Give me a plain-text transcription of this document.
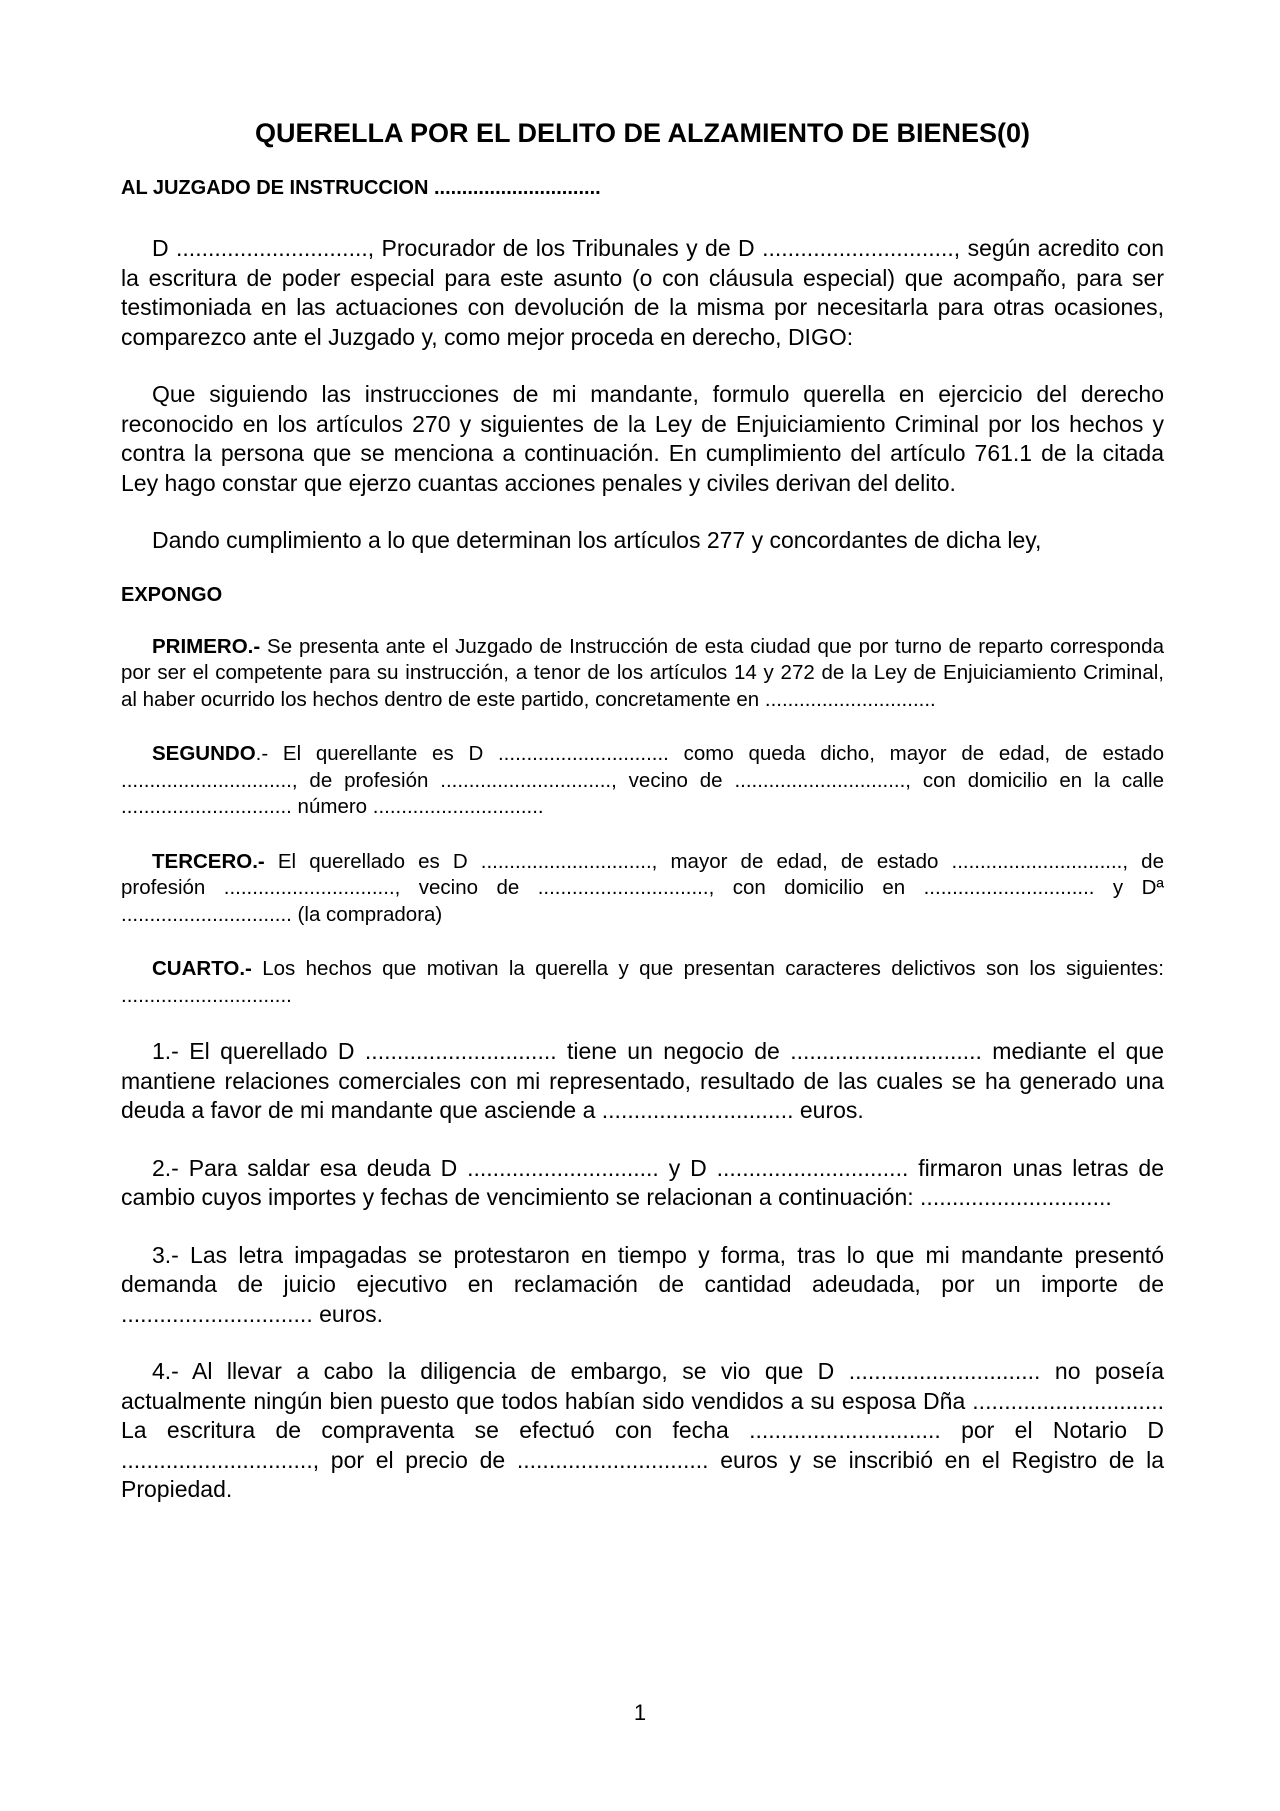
QUERELLA POR EL DELITO DE ALZAMIENTO DE BIENES(0)

AL JUZGADO DE INSTRUCCION ..............................

D .............................., Procurador de los Tribunales y de D .............................., según acredito con la escritura de poder especial para este asunto (o con cláusula especial) que acompaño, para ser testimoniada en las actuaciones con devolución de la misma por necesitarla para otras ocasiones, comparezco ante el Juzgado y, como mejor proceda en derecho, DIGO:

Que siguiendo las instrucciones de mi mandante, formulo querella en ejercicio del derecho reconocido en los artículos 270 y siguientes de la Ley de Enjuiciamiento Criminal por los hechos y contra la persona que se menciona a continuación. En cumplimiento del artículo 761.1 de la citada Ley hago constar que ejerzo cuantas acciones penales y civiles derivan del delito.

Dando cumplimiento a lo que determinan los artículos 277 y concordantes de dicha ley,

EXPONGO

PRIMERO.- Se presenta ante el Juzgado de Instrucción de esta ciudad que por turno de reparto corresponda por ser el competente para su instrucción, a tenor de los artículos 14 y 272 de la Ley de Enjuiciamiento Criminal, al haber ocurrido los hechos dentro de este partido, concretamente en ..............................

SEGUNDO.- El querellante es D .............................. como queda dicho, mayor de edad, de estado .............................., de profesión .............................., vecino de .............................., con domicilio en la calle .............................. número ..............................

TERCERO.- El querellado es D .............................., mayor de edad, de estado .............................., de profesión .............................., vecino de .............................., con domicilio en .............................. y Dª .............................. (la compradora)

CUARTO.- Los hechos que motivan la querella y que presentan caracteres delictivos son los siguientes: ..............................

1.- El querellado D .............................. tiene un negocio de .............................. mediante el que mantiene relaciones comerciales con mi representado, resultado de las cuales se ha generado una deuda a favor de mi mandante que asciende a .............................. euros.

2.- Para saldar esa deuda D .............................. y D .............................. firmaron unas letras de cambio cuyos importes y fechas de vencimiento se relacionan a continuación: ..............................

3.- Las letra impagadas se protestaron en tiempo y forma, tras lo que mi mandante presentó demanda de juicio ejecutivo en reclamación de cantidad adeudada, por un importe de .............................. euros.

4.- Al llevar a cabo la diligencia de embargo, se vio que D .............................. no poseía actualmente ningún bien puesto que todos habían sido vendidos a su esposa Dña .............................. La escritura de compraventa se efectuó con fecha .............................. por el Notario D .............................., por el precio de .............................. euros y se inscribió en el Registro de la Propiedad.

1
